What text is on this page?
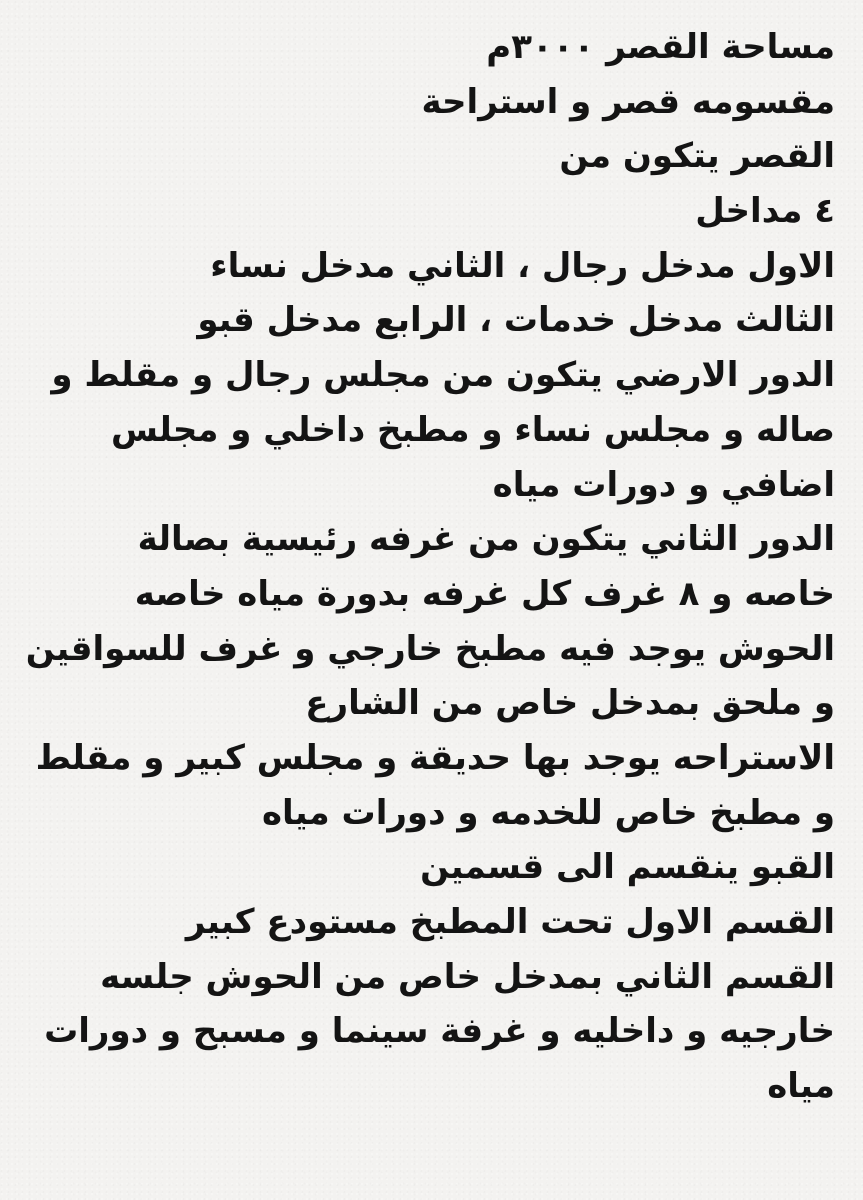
مساحة القصر ٣٠٠٠م
مقسومه قصر و استراحة
القصر يتكون من
٤ مداخل
الاول مدخل رجال ، الثاني مدخل نساء
الثالث مدخل خدمات ، الرابع مدخل قبو
الدور الارضي يتكون من مجلس رجال و مقلط و
صاله و مجلس نساء و مطبخ داخلي و مجلس
اضافي و دورات مياه
الدور الثاني يتكون من غرفه رئيسية بصالة
خاصه و ٨ غرف كل غرفه بدورة مياه خاصه
الحوش يوجد فيه مطبخ خارجي و غرف للسواقين
و ملحق بمدخل خاص من الشارع
الاستراحه يوجد بها حديقة و مجلس كبير و مقلط
و مطبخ خاص للخدمه و دورات مياه
القبو ينقسم الى قسمين
القسم الاول تحت المطبخ مستودع كبير
القسم الثاني بمدخل خاص من الحوش جلسه
خارجيه و داخليه و غرفة سينما و مسبح و دورات
مياه
